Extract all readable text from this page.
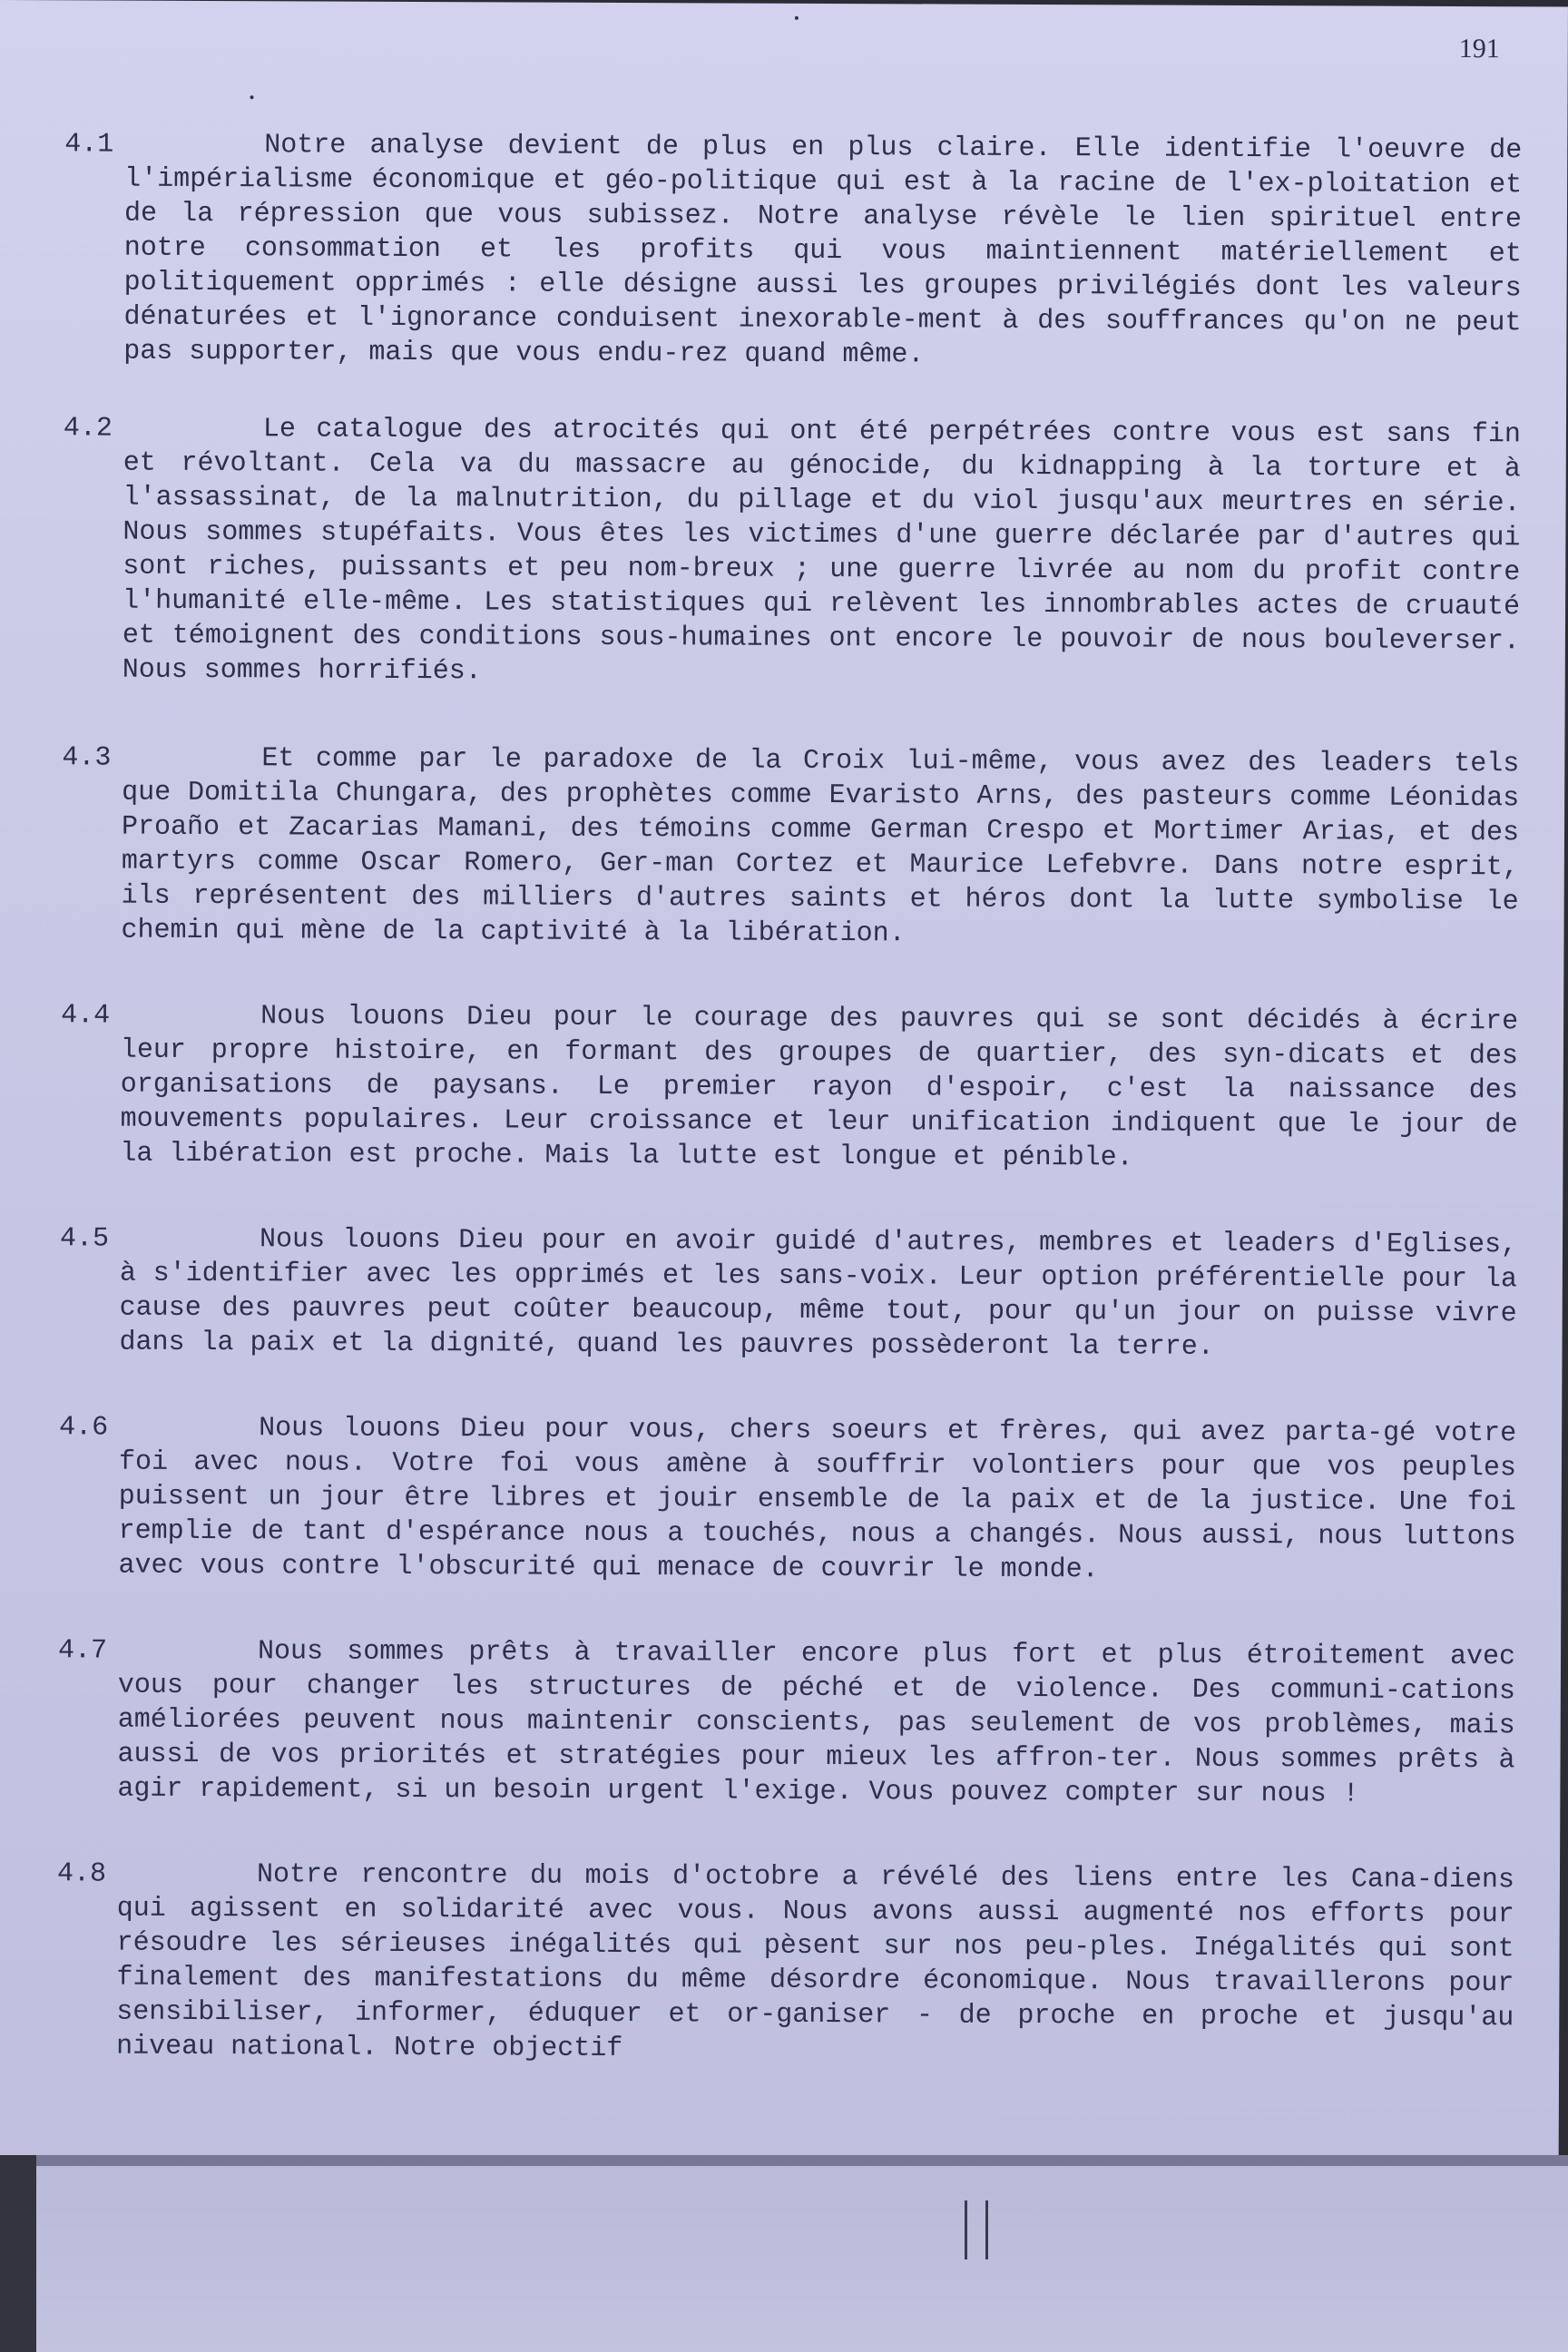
191
4.1	Notre analyse devient de plus en plus claire. Elle identifie l'oeuvre de l'impérialisme économique et géo-politique qui est à la racine de l'ex-ploitation et de la répression que vous subissez. Notre analyse révèle le lien spirituel entre notre consommation et les profits qui vous maintiennent matériellement et politiquement opprimés : elle désigne aussi les groupes privilégiés dont les valeurs dénaturées et l'ignorance conduisent inexorable-ment à des souffrances qu'on ne peut pas supporter, mais que vous endu-rez quand même.

4.2	Le catalogue des atrocités qui ont été perpétrées contre vous est sans fin et révoltant. Cela va du massacre au génocide, du kidnapping à la torture et à l'assassinat, de la malnutrition, du pillage et du viol jusqu'aux meurtres en série. Nous sommes stupéfaits. Vous êtes les victimes d'une guerre déclarée par d'autres qui sont riches, puissants et peu nom-breux ; une guerre livrée au nom du profit contre l'humanité elle-même. Les statistiques qui relèvent les innombrables actes de cruauté et témoignent des conditions sous-humaines ont encore le pouvoir de nous bouleverser. Nous sommes horrifiés.

4.3	Et comme par le paradoxe de la Croix lui-même, vous avez des leaders tels que Domitila Chungara, des prophètes comme Evaristo Arns, des pasteurs comme Léonidas Proaño et Zacarias Mamani, des témoins comme German Crespo et Mortimer Arias, et des martyrs comme Oscar Romero, Ger-man Cortez et Maurice Lefebvre. Dans notre esprit, ils représentent des milliers d'autres saints et héros dont la lutte symbolise le chemin qui mène de la captivité à la libération.

4.4	Nous louons Dieu pour le courage des pauvres qui se sont décidés à écrire leur propre histoire, en formant des groupes de quartier, des syn-dicats et des organisations de paysans. Le premier rayon d'espoir, c'est la naissance des mouvements populaires. Leur croissance et leur unification indiquent que le jour de la libération est proche. Mais la lutte est longue et pénible.

4.5	Nous louons Dieu pour en avoir guidé d'autres, membres et leaders d'Eglises, à s'identifier avec les opprimés et les sans-voix. Leur option préférentielle pour la cause des pauvres peut coûter beaucoup, même tout, pour qu'un jour on puisse vivre dans la paix et la dignité, quand les pauvres possèderont la terre.

4.6	Nous louons Dieu pour vous, chers soeurs et frères, qui avez parta-gé votre foi avec nous. Votre foi vous amène à souffrir volontiers pour que vos peuples puissent un jour être libres et jouir ensemble de la paix et de la justice. Une foi remplie de tant d'espérance nous a touchés, nous a changés. Nous aussi, nous luttons avec vous contre l'obscurité qui menace de couvrir le monde.

4.7	Nous sommes prêts à travailler encore plus fort et plus étroitement avec vous pour changer les structures de péché et de violence. Des communi-cations améliorées peuvent nous maintenir conscients, pas seulement de vos problèmes, mais aussi de vos priorités et stratégies pour mieux les affron-ter. Nous sommes prêts à agir rapidement, si un besoin urgent l'exige. Vous pouvez compter sur nous !

4.8	Notre rencontre du mois d'octobre a révélé des liens entre les Cana-diens qui agissent en solidarité avec vous. Nous avons aussi augmenté nos efforts pour résoudre les sérieuses inégalités qui pèsent sur nos peu-ples. Inégalités qui sont finalement des manifestations du même désordre économique. Nous travaillerons pour sensibiliser, informer, éduquer et or-ganiser - de proche en proche et jusqu'au niveau national. Notre objectif
